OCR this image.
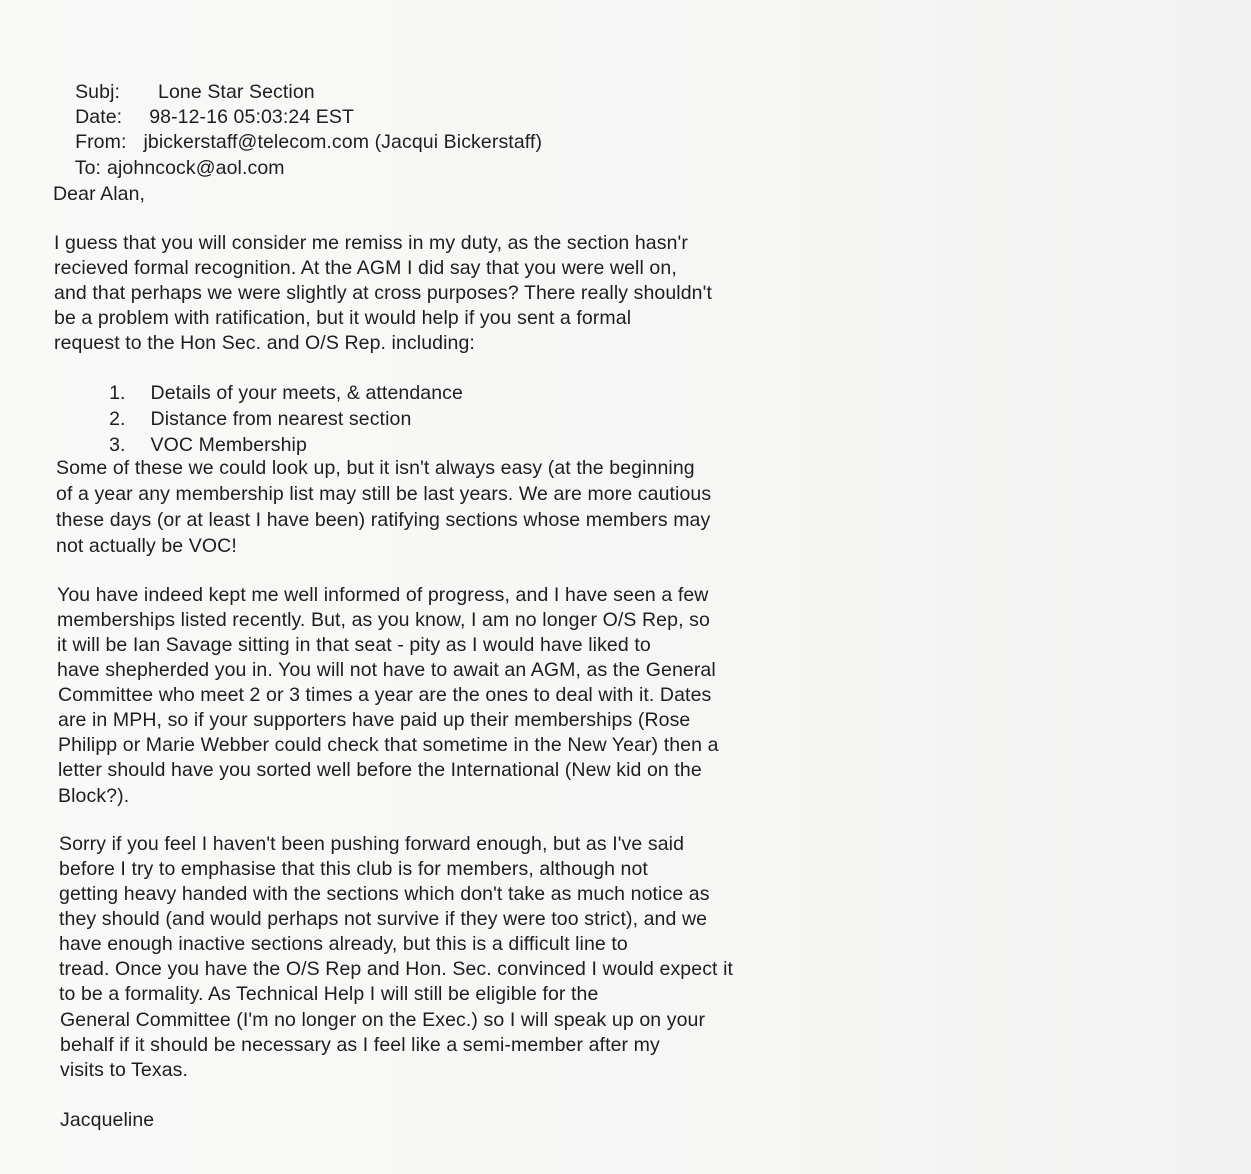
Subj: Lone Star Section

Date: 98-12-16 05:03:24 EST

From: jbickerstaff@telecom.com (Jacqui Bickerstaff)

To: ajohncock@aol.com

Dear Alan,
I guess that you will consider me remiss in my duty, as the section hasn'r
recieved formal recognition. At the AGM I did say that you were well on,
and that perhaps we were slightly at cross purposes? There really shouldn't
be a problem with ratification, but it would help if you sent a formal
request to the Hon Sec. and O/S Rep. including:

1. Details of your meets, & attendance

2. Distance from nearest section

3. VOC Membership

Some of these we could look up, but it isn't always easy (at the beginning
of a year any membership list may still be last years. We are more cautious
these days (or at least I have been) ratifying sections whose members may
not actually be VOC!
You have indeed kept me well informed of progress, and I have seen a few
memberships listed recently. But, as you know, I am no longer O/S Rep, so
it will be Ian Savage sitting in that seat - pity as I would have liked to
have shepherded you in. You will not have to await an AGM, as the General
Committee who meet 2 or 3 times a year are the ones to deal with it. Dates
are in MPH, so if your supporters have paid up their memberships (Rose
Philipp or Marie Webber could check that sometime in the New Year) then a
letter should have you sorted well before the International (New kid on the
Block?).
Sorry if you feel I haven't been pushing forward enough, but as I've said
before I try to emphasise that this club is for members, although not
getting heavy handed with the sections which don't take as much notice as
they should (and would perhaps not survive if they were too strict), and we
have enough inactive sections already, but this is a difficult line to
tread. Once you have the O/S Rep and Hon. Sec. convinced I would expect it
to be a formality. As Technical Help I will still be eligible for the
General Committee (I'm no longer on the Exec.) so I will speak up on your
behalf if it should be necessary as I feel like a semi-member after my
visits to Texas.
Jacqueline
